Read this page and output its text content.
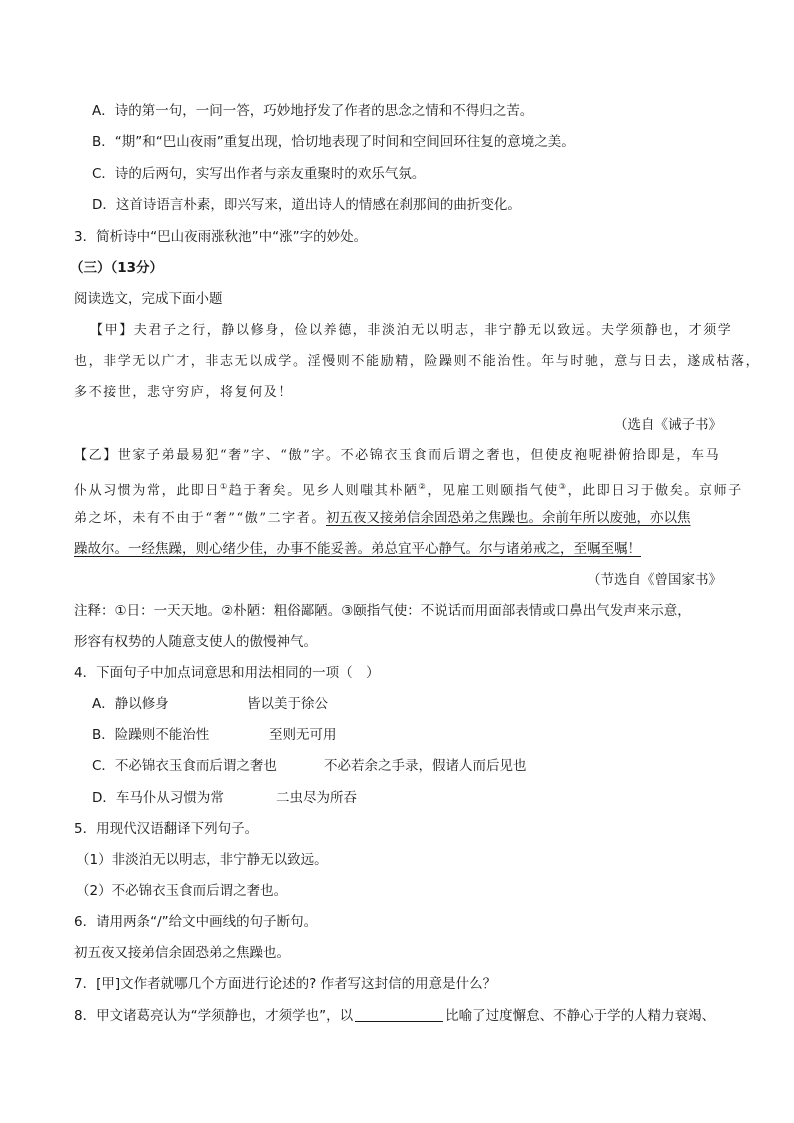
A．诗的第一句，一问一答，巧妙地抒发了作者的思念之情和不得归之苦。
B．“期”和“巴山夜雨”重复出现，恰切地表现了时间和空间回环往复的意境之美。
C．诗的后两句，实写出作者与亲友重聚时的欢乐气氛。
D．这首诗语言朴素，即兴写来，道出诗人的情感在刹那间的曲折变化。
3．简析诗中“巴山夜雨涨秋池”中“涨”字的妙处。
（三）（13分）
阅读选文，完成下面小题
【甲】夫君子之行，静以修身，俭以养德，非淡泊无以明志，非宁静无以致远。夫学须静也，才须学
也，非学无以广才，非志无以成学。淫慢则不能励精，险躁则不能治性。年与时驰，意与日去，遂成枯落，
多不接世，悲守穷庐，将复何及！
（选自《诫子书》
【乙】世家子弟最易犯“奢”字、“傲”字。不必锦衣玉食而后谓之奢也，但使皮袍呢褂俯拾即是，车马
仆从习惯为常，此即日①趋于奢矣。见乡人则嗤其朴陋②，见雇工则颐指气使③，此即日习于傲矣。京师子
弟之坏，未有不由于“奢”“傲”二字者。初五夜又接弟信余固恐弟之焦躁也。余前年所以废弛，亦以焦
躁故尔。一经焦躁，则心绪少佳，办事不能妥善。弟总宜平心静气。尔与诸弟戒之，至嘱至嘱！
（节选自《曾国家书》
注释：①日：一天天地。②朴陋：粗俗鄙陋。③颐指气使：不说话而用面部表情或口鼻出气发声来示意，
形容有权势的人随意支使人的傲慢神气。
4．下面句子中加点词意思和用法相同的一项（　）
A．静以修身	皆以美于徐公
B．险躁则不能治性	至则无可用
C．不必锦衣玉食而后谓之奢也	不必若余之手录，假诸人而后见也
D．车马仆从习惯为常	二虫尽为所吞
5．用现代汉语翻译下列句子。
（1）非淡泊无以明志，非宁静无以致远。
（2）不必锦衣玉食而后谓之奢也。
6．请用两条“/”给文中画线的句子断句。
初五夜又接弟信余固恐弟之焦躁也。
7．[甲]文作者就哪几个方面进行论述的? 作者写这封信的用意是什么？
8．甲文诸葛亮认为“学须静也，才须学也”，以	比喻了过度懈怠、不静心于学的人精力衰竭、
